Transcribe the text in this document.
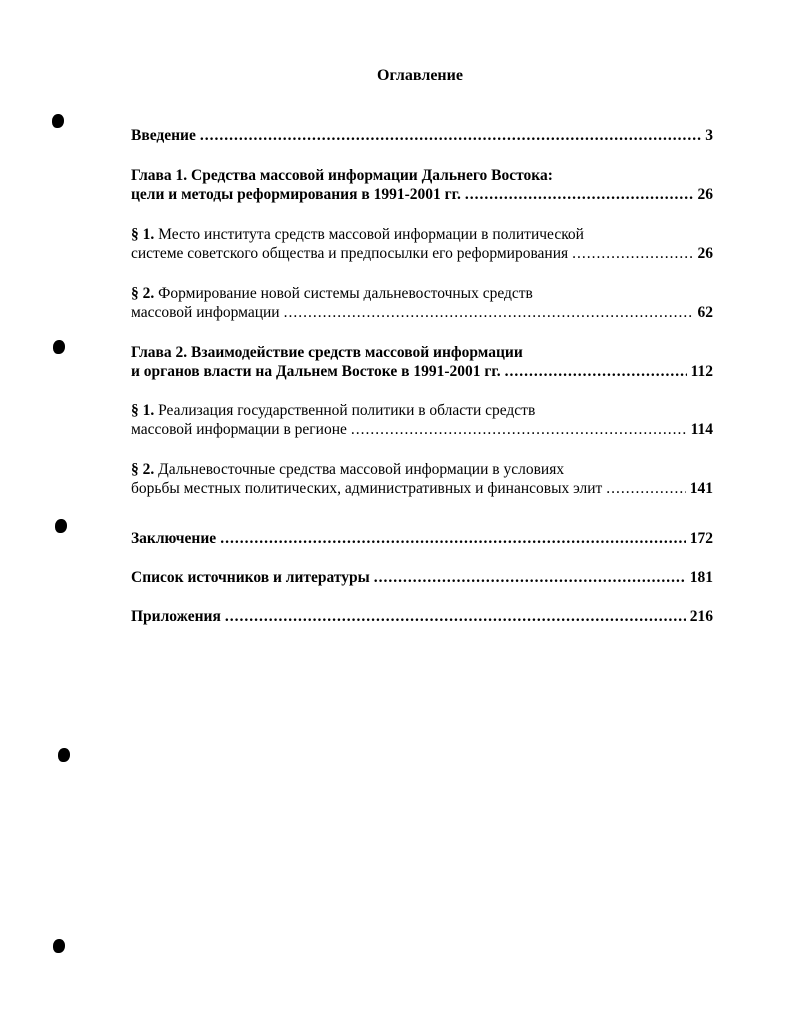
Оглавление
Введение .....	3
Глава 1. Средства массовой информации Дальнего Востока:
цели и методы реформирования в 1991-2001 гг. .....	26
§ 1. Место института средств массовой информации в политической
системе советского общества и предпосылки его реформирования .....	26
§ 2. Формирование новой системы дальневосточных средств
массовой информации .....	62
Глава 2. Взаимодействие средств массовой информации
и органов власти на Дальнем Востоке в 1991-2001 гг. .....	112
§ 1. Реализация государственной политики в области средств
массовой информации в регионе .....	114
§ 2. Дальневосточные средства массовой информации в условиях
борьбы местных политических, административных и финансовых элит .....	141
Заключение .....	172
Список источников и литературы .....	181
Приложения .....	216
